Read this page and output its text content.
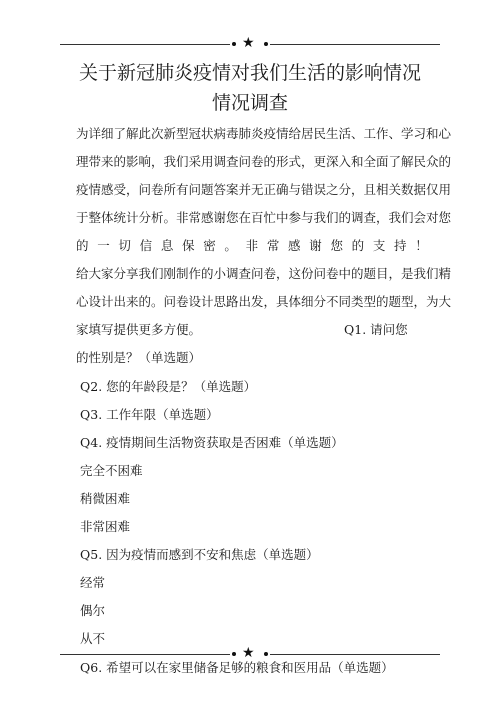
★
关于新冠肺炎疫情对我们生活的影响情况
情况调查
为详细了解此次新型冠状病毒肺炎疫情给居民生活、工作、学习和心
理带来的影响，我们采用调查问卷的形式，更深入和全面了解民众的
疫情感受，问卷所有问题答案并无正确与错误之分，且相关数据仅用
于整体统计分析。非常感谢您在百忙中参与我们的调查，我们会对您
的 一 切 信 息 保 密 。 非 常 感 谢 您 的 支 持 ！
给大家分享我们刚制作的小调查问卷，这份问卷中的题目，是我们精
心设计出来的。问卷设计思路出发，具体细分不同类型的题型，为大
家填写提供更多方便。	Q1. 请问您
的性别是？（单选题）
Q2. 您的年龄段是？（单选题）
Q3. 工作年限（单选题）
Q4. 疫情期间生活物资获取是否困难（单选题）
完全不困难
稍微困难
非常困难
Q5. 因为疫情而感到不安和焦虑（单选题）
经常
偶尔
从不
★
Q6. 希望可以在家里储备足够的粮食和医用品（单选题）
